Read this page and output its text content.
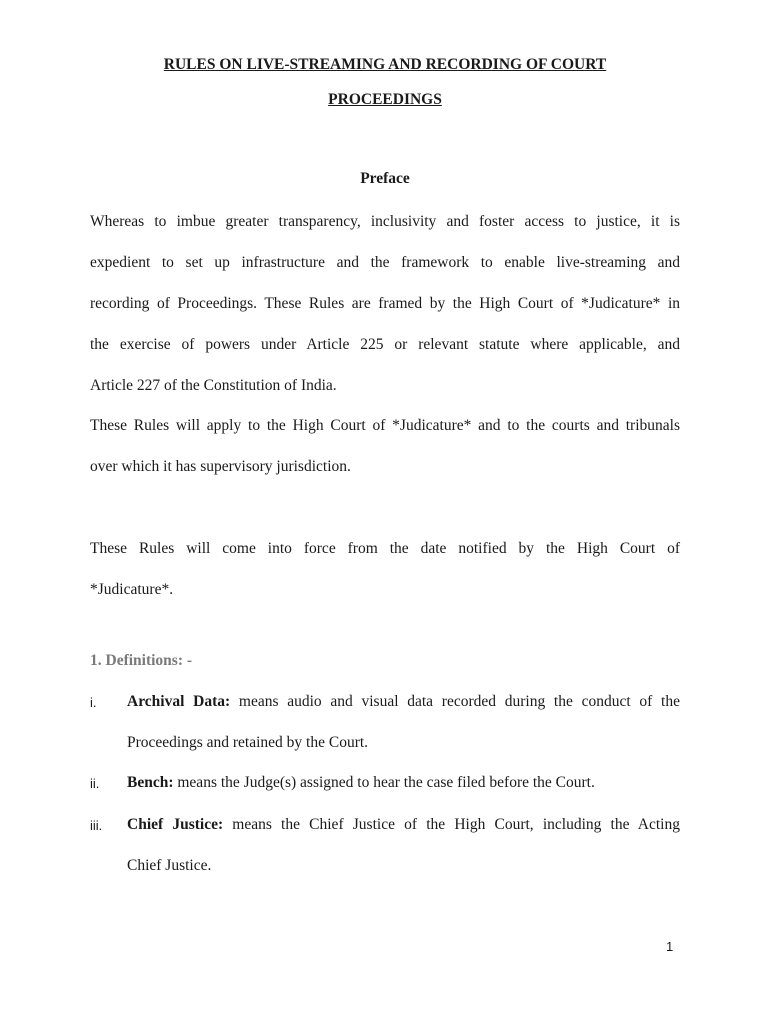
RULES ON LIVE-STREAMING AND RECORDING OF COURT
PROCEEDINGS
Preface
Whereas to imbue greater transparency, inclusivity and foster access to justice, it is
expedient to set up infrastructure and the framework to enable live-streaming and
recording of Proceedings. These Rules are framed by the High Court of *Judicature* in
the exercise of powers under Article 225 or relevant statute where applicable, and
Article 227 of the Constitution of India.
These Rules will apply to the High Court of *Judicature* and to the courts and tribunals
over which it has supervisory jurisdiction.
These Rules will come into force from the date notified by the High Court of
*Judicature*.
1. Definitions: -
i. Archival Data: means audio and visual data recorded during the conduct of the
Proceedings and retained by the Court.
ii. Bench: means the Judge(s) assigned to hear the case filed before the Court.
iii. Chief Justice: means the Chief Justice of the High Court, including the Acting
Chief Justice.
1
